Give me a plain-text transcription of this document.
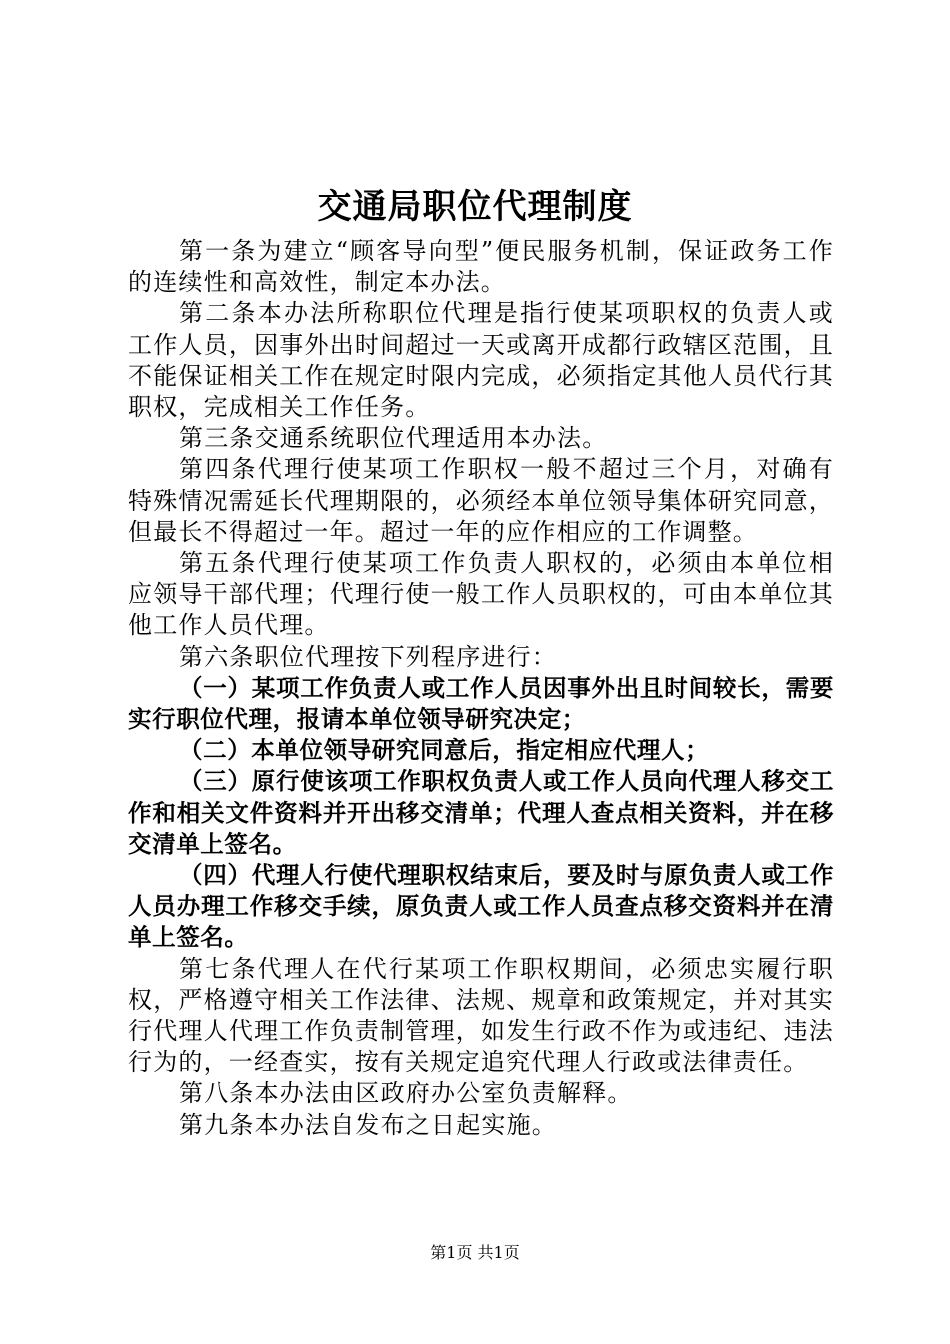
交通局职位代理制度

第一条为建立“顾客导向型”便民服务机制，保证政务工作的连续性和高效性，制定本办法。

第二条本办法所称职位代理是指行使某项职权的负责人或工作人员，因事外出时间超过一天或离开成都行政辖区范围，且不能保证相关工作在规定时限内完成，必须指定其他人员代行其职权，完成相关工作任务。

第三条交通系统职位代理适用本办法。

第四条代理行使某项工作职权一般不超过三个月，对确有特殊情况需延长代理期限的，必须经本单位领导集体研究同意，但最长不得超过一年。超过一年的应作相应的工作调整。

第五条代理行使某项工作负责人职权的，必须由本单位相应领导干部代理；代理行使一般工作人员职权的，可由本单位其他工作人员代理。

第六条职位代理按下列程序进行：

（一）某项工作负责人或工作人员因事外出且时间较长，需要实行职位代理，报请本单位领导研究决定；

（二）本单位领导研究同意后，指定相应代理人；

（三）原行使该项工作职权负责人或工作人员向代理人移交工作和相关文件资料并开出移交清单；代理人查点相关资料，并在移交清单上签名。

（四）代理人行使代理职权结束后，要及时与原负责人或工作人员办理工作移交手续，原负责人或工作人员查点移交资料并在清单上签名。

第七条代理人在代行某项工作职权期间，必须忠实履行职权，严格遵守相关工作法律、法规、规章和政策规定，并对其实行代理人代理工作负责制管理，如发生行政不作为或违纪、违法行为的，一经查实，按有关规定追究代理人行政或法律责任。

第八条本办法由区政府办公室负责解释。

第九条本办法自发布之日起实施。

第1页 共1页
